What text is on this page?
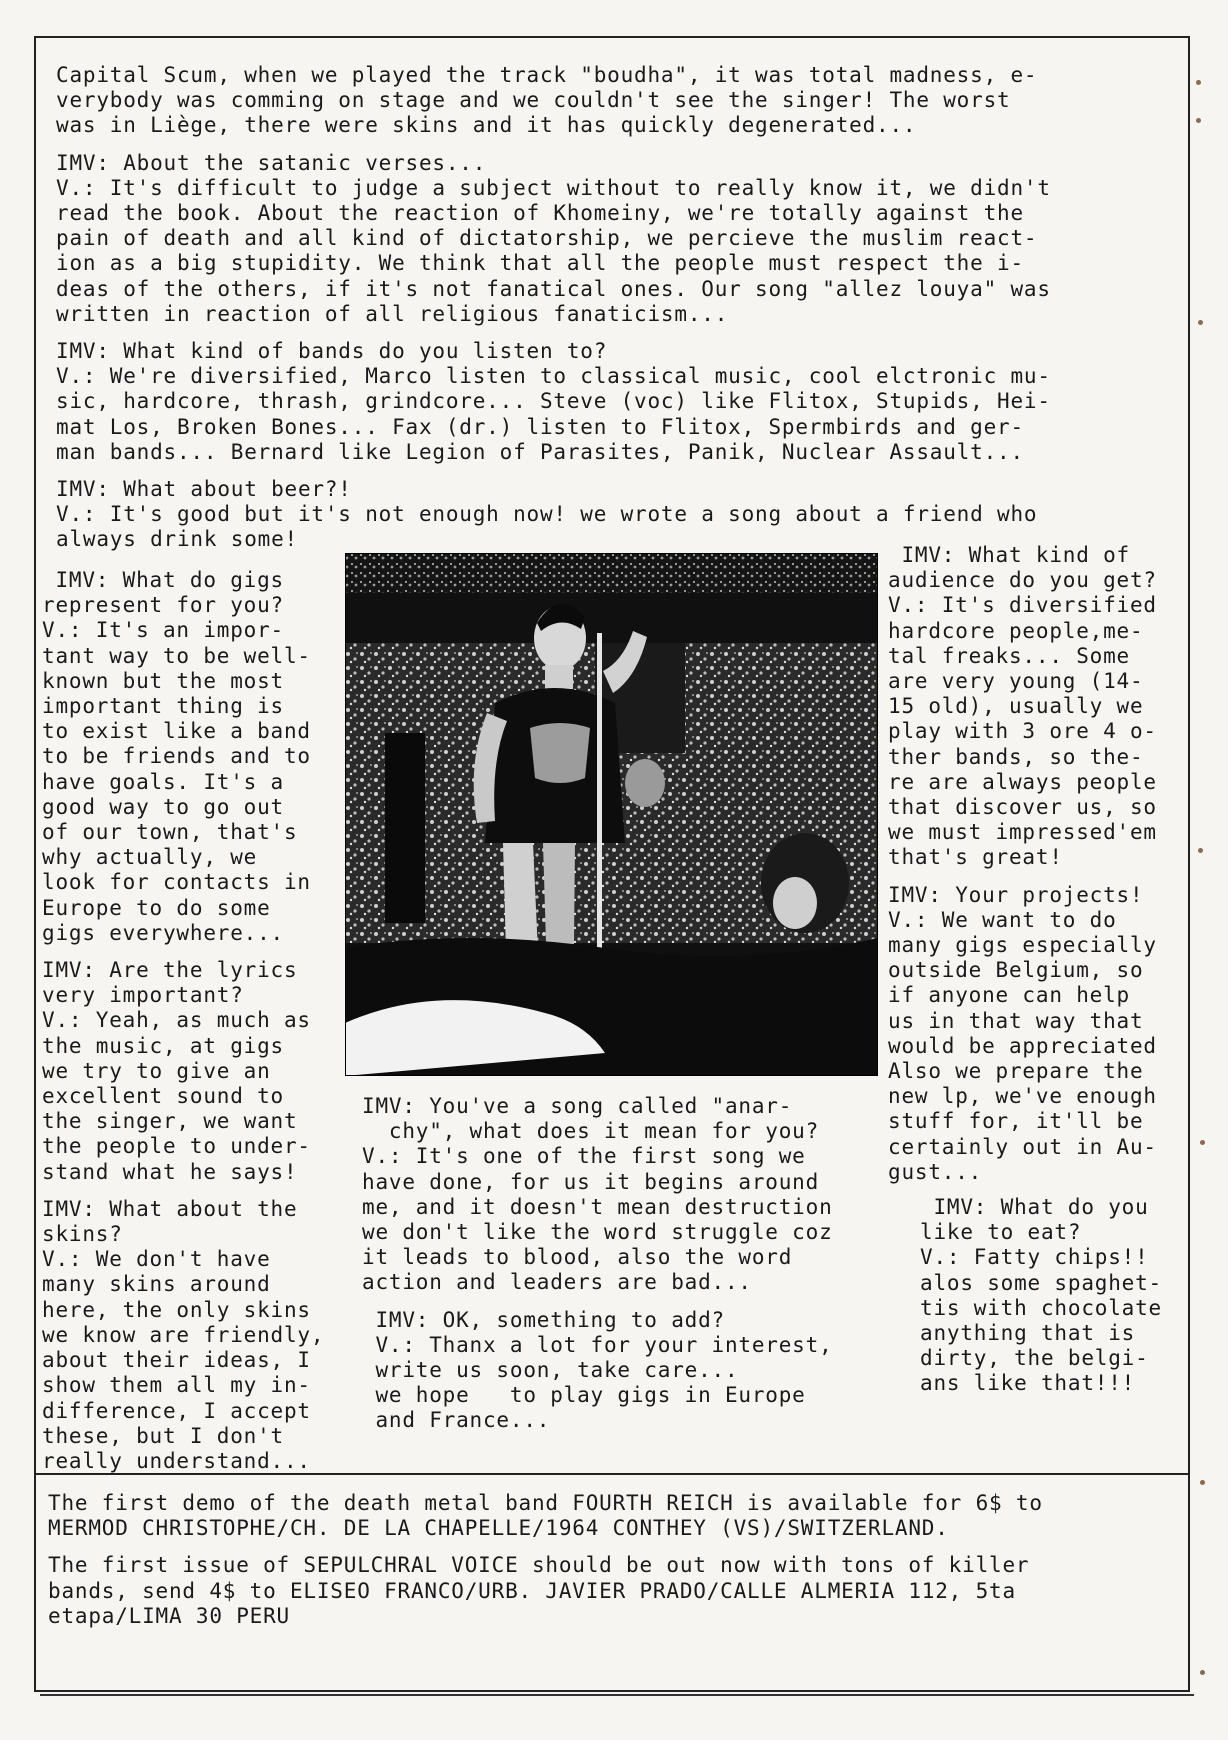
Capital Scum, when we played the track "boudha", it was total madness, e-
verybody was comming on stage and we couldn't see the singer! The worst
was in Liège, there were skins and it has quickly degenerated...
IMV: About the satanic verses...
V.: It's difficult to judge a subject without to really know it, we didn't
read the book. About the reaction of Khomeiny, we're totally against the
pain of death and all kind of dictatorship, we percieve the muslim react-
ion as a big stupidity. We think that all the people must respect the i-
deas of the others, if it's not fanatical ones. Our song "allez louya" was
written in reaction of all religious fanaticism...
IMV: What kind of bands do you listen to?
V.: We're diversified, Marco listen to classical music, cool elctronic mu-
sic, hardcore, thrash, grindcore... Steve (voc) like Flitox, Stupids, Hei-
mat Los, Broken Bones... Fax (dr.) listen to Flitox, Spermbirds and ger-
man bands... Bernard like Legion of Parasites, Panik, Nuclear Assault...
IMV: What about beer?!
V.: It's good but it's not enough now! we wrote a song about a friend who
always drink some!
IMV: What do gigs
represent for you?
V.: It's an impor-
tant way to be well-
known but the most
important thing is
to exist like a band
to be friends and to
have goals. It's a
good way to go out
of our town, that's
why actually, we
look for contacts in
Europe to do some
gigs everywhere...
IMV: Are the lyrics
very important?
V.: Yeah, as much as
the music, at gigs
we try to give an
excellent sound to
the singer, we want
the people to under-
stand what he says!
IMV: What about the
skins?
V.: We don't have
many skins around
here, the only skins
we know are friendly,
about their ideas, I
show them all my in-
difference, I accept
these, but I don't
really understand...
IMV: What kind of
audience do you get?
V.: It's diversified
hardcore people,me-
tal freaks... Some
are very young (14-
15 old), usually we
play with 3 ore 4 o-
ther bands, so the-
re are always people
that discover us, so
we must impressed'em
that's great!
IMV: Your projects!
V.: We want to do
many gigs especially
outside Belgium, so
if anyone can help
us in that way that
would be appreciated
Also we prepare the
new lp, we've enough
stuff for, it'll be
certainly out in Au-
gust...
IMV: What do you
like to eat?
V.: Fatty chips!!
alos some spaghet-
tis with chocolate
anything that is
dirty, the belgi-
ans like that!!!
IMV: You've a song called "anar-
chy", what does it mean for you?
V.: It's one of the first song we
have done, for us it begins around
me, and it doesn't mean destruction
we don't like the word struggle coz
it leads to blood, also the word
action and leaders are bad...
IMV: OK, something to add?
V.: Thanx a lot for your interest,
write us soon, take care...
we hope   to play gigs in Europe
and France...
The first demo of the death metal band FOURTH REICH is available for 6$ to
MERMOD CHRISTOPHE/CH. DE LA CHAPELLE/1964 CONTHEY (VS)/SWITZERLAND.
The first issue of SEPULCHRAL VOICE should be out now with tons of killer
bands, send 4$ to ELISEO FRANCO/URB. JAVIER PRADO/CALLE ALMERIA 112, 5ta
etapa/LIMA 30 PERU
